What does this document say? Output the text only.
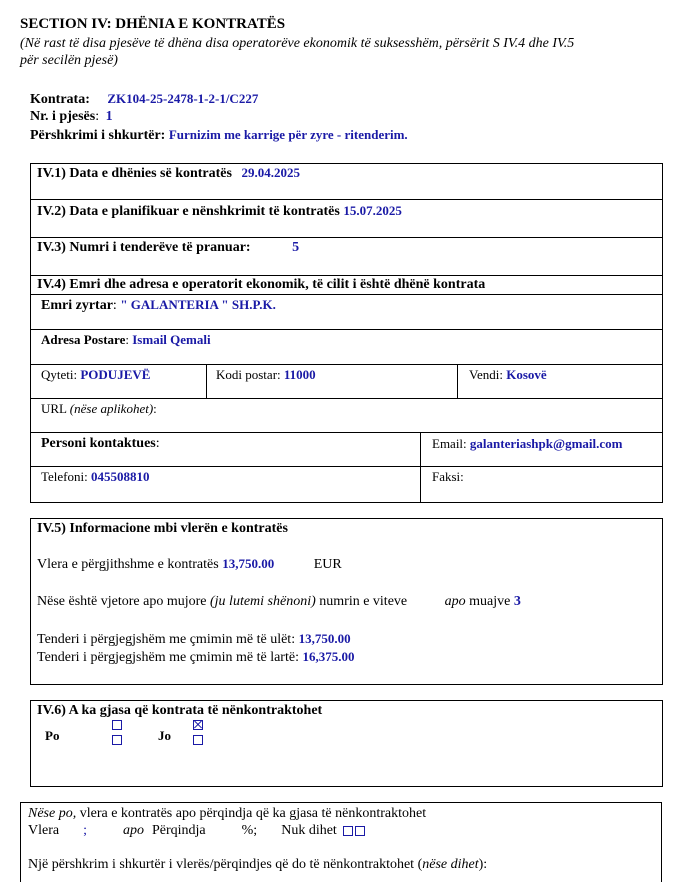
SECTION IV: DHËNIA E KONTRATËS
(Në rast të disa pjesëve të dhëna disa operatorëve ekonomik të suksesshëm, përsërit S IV.4 dhe IV.5
për secilën pjesë)
Kontrata: ZK104-25-2478-1-2-1/C227
Nr. i pjesës: 1
Përshkrimi i shkurtër: Furnizim me karrige për zyre - ritenderim.
IV.1) Data e dhënies së kontratës 29.04.2025
IV.2) Data e planifikuar e nënshkrimit të kontratës 15.07.2025
IV.3) Numri i tenderëve të pranuar:	5
IV.4) Emri dhe adresa e operatorit ekonomik, të cilit i është dhënë kontrata
Emri zyrtar: " GALANTERIA " SH.P.K.
Adresa Postare: Ismail Qemali
Qyteti: PODUJEVË	Kodi postar: 11000	Vendi: Kosovë
URL (nëse aplikohet):
Personi kontaktues:	Email: galanteriashpk@gmail.com
Telefoni: 045508810	Faksi:
IV.5) Informacione mbi vlerën e kontratës
Vlera e përgjithshme e kontratës 13,750.00	EUR
Nëse është vjetore apo mujore (ju lutemi shënoni) numrin e viteve	apo muajve 3
Tenderi i përgjegjshëm me çmimin më të ulët: 13,750.00
Tenderi i përgjegjshëm me çmimin më të lartë: 16,375.00
IV.6) A ka gjasa që kontrata të nënkontraktohet
Po	Jo
Nëse po, vlera e kontratës apo përqindja që ka gjasa të nënkontraktohet
Vlera ;	apo Përqindja	%; Nuk dihet
Një përshkrim i shkurtër i vlerës/përqindjes që do të nënkontraktohet (nëse dihet):
